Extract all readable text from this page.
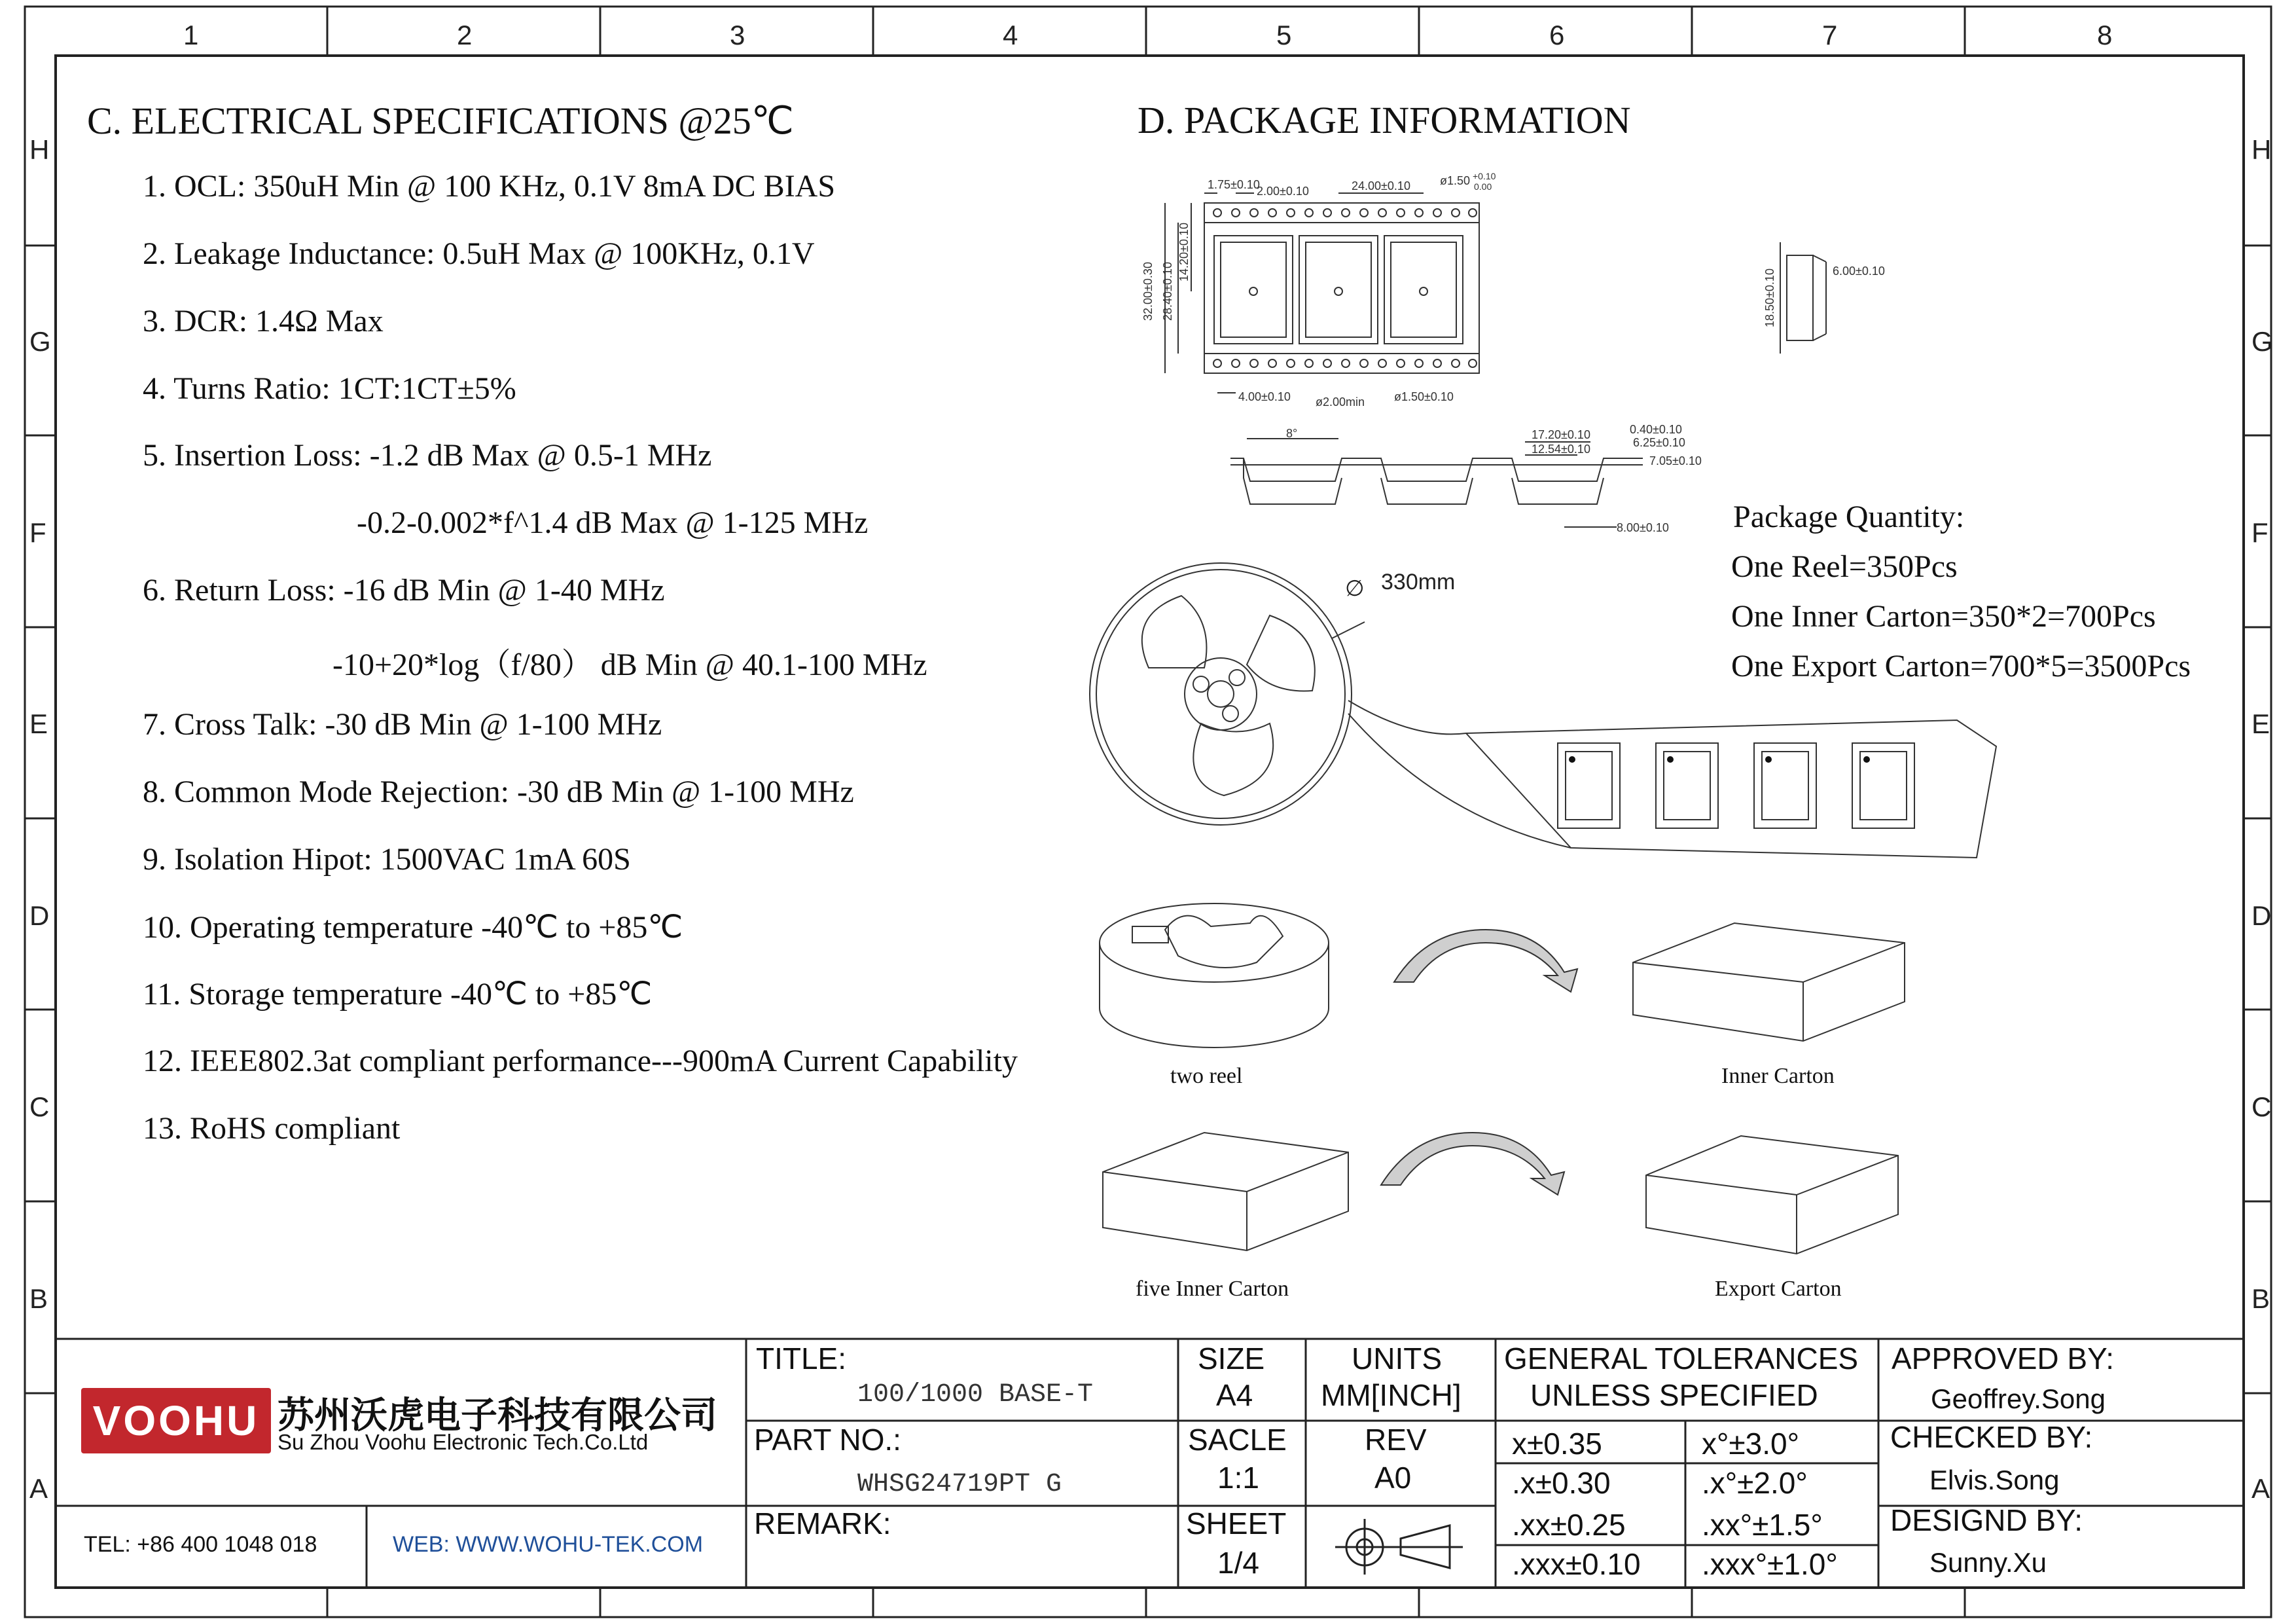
1	2	3	4	5	6	7	8
H
G
F
E
D
C
B
A
H
G
F
E
D
C
B
A
C. ELECTRICAL SPECIFICATIONS @25℃
1. OCL: 350uH Min @ 100 KHz, 0.1V 8mA DC BIAS
2. Leakage Inductance: 0.5uH Max @ 100KHz, 0.1V
3. DCR: 1.4Ω Max
4. Turns Ratio: 1CT:1CT±5%
5. Insertion Loss: -1.2 dB Max @ 0.5-1 MHz
-0.2-0.002*f^1.4 dB Max @ 1-125 MHz
6. Return Loss: -16 dB Min @ 1-40 MHz
-10+20*log（f/80） dB Min @ 40.1-100 MHz
7. Cross Talk: -30 dB Min @ 1-100 MHz
8. Common Mode Rejection: -30 dB Min @ 1-100 MHz
9. Isolation Hipot: 1500VAC 1mA 60S
10. Operating temperature -40℃ to +85℃
11. Storage temperature -40℃ to +85℃
12. IEEE802.3at compliant performance---900mA Current Capability
13. RoHS compliant
D. PACKAGE INFORMATION
1.75±0.10
2.00±0.10	24.00±0.10	ø1.50 +0.10
0.00
32.00±0.30 28.40±0.10
14.20±0.10
4.00±0.10 ø2.00min ø1.50±0.10
18.50±0.10	6.00±0.10
8°	17.20±0.10
12.54±0.10
0.40±0.10
6.25±0.10
7.05±0.10
8.00±0.10 Package Quantity:
One Reel=350Pcs
One Inner Carton=350*2=700Pcs
One Export Carton=700*5=3500Pcs
330mm
∅
two reel	Inner Carton
five Inner Carton	Export Carton
VOOHU 苏州沃虎电子科技有限公司
Su Zhou Voohu Electronic Tech.Co.Ltd
TEL: +86 400 1048 018	WEB: WWW.WOHU-TEK.COM
TITLE:
100/1000 BASE-T
PART NO.:
WHSG24719PT G
REMARK:
SIZE
A4
UNITS
MM[INCH]
SACLE
1:1
REV
A0
SHEET
1/4
GENERAL TOLERANCES
UNLESS SPECIFIED
x±0.35	x°±3.0°
.x±0.30	.x°±2.0°
.xx±0.25	.xx°±1.5°
.xxx±0.10 .xxx°±1.0°
APPROVED BY:
Geoffrey.Song
CHECKED BY:
Elvis.Song
DESIGND BY:
Sunny.Xu
